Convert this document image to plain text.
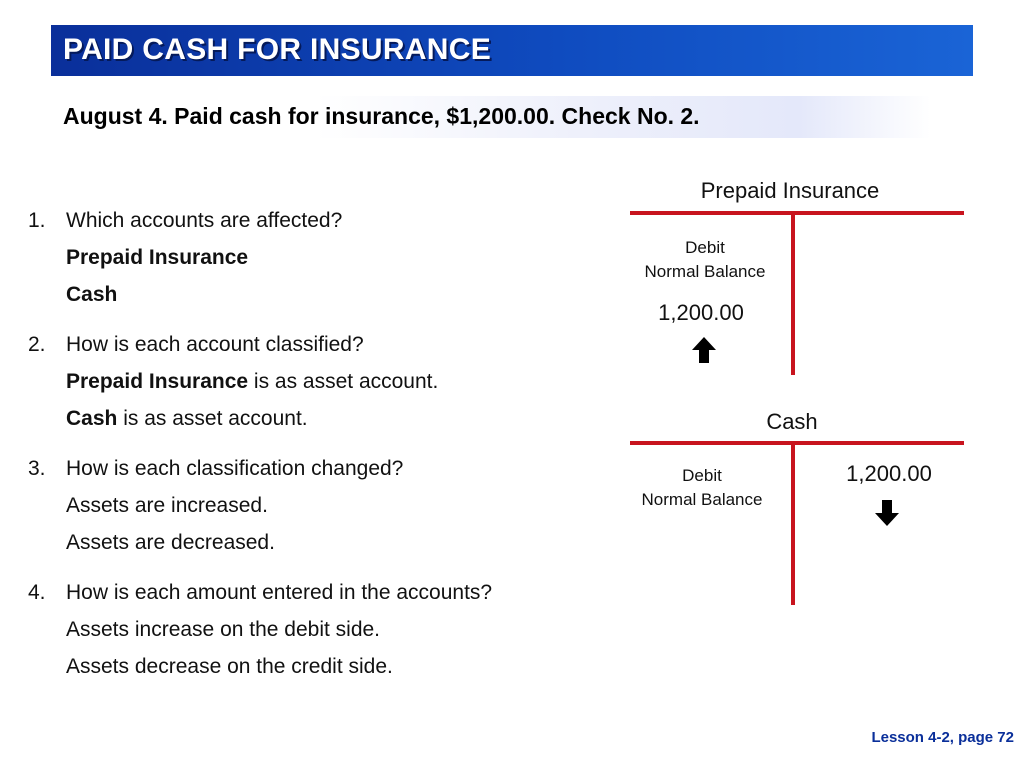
PAID CASH FOR INSURANCE
August 4. Paid cash for insurance, $1,200.00. Check No. 2.
1. Which accounts are affected?
Prepaid Insurance
Cash
2. How is each account classified?
Prepaid Insurance is as asset account.
Cash is as asset account.
3. How is each classification changed?
Assets are increased.
Assets are decreased.
4. How is each amount entered in the accounts?
Assets increase on the debit side.
Assets decrease on the credit side.
Prepaid Insurance
Debit
Normal Balance
1,200.00
Cash
Debit
Normal Balance
1,200.00
Lesson 4-2, page 72
